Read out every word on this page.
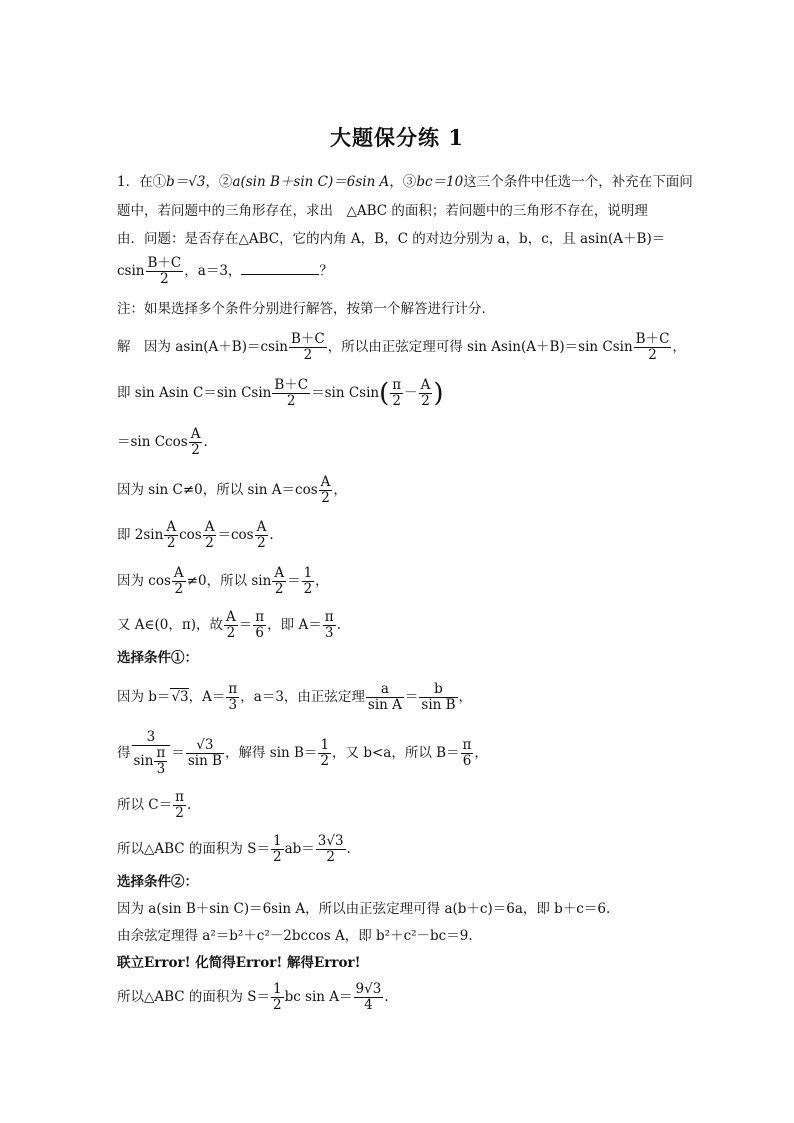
大题保分练 1
1．在①b＝√3，②a(sin B＋sin C)＝6sin A，③bc＝10这三个条件中任选一个，补充在下面问
题中，若问题中的三角形存在，求出　△ABC 的面积；若问题中的三角形不存在，说明理
由．问题：是否存在△ABC，它的内角 A，B，C 的对边分别为 a，b，c，且 asin(A＋B)＝
csin $\frac{B+C}{2}$ ，a＝3，	？
注：如果选择多个条件分别进行解答，按第一个解答进行计分．
解　因为 $asin(A+B)=csin \frac{B+C}{2}$ ，所以由正弦定理可得 sin Asin(A＋B)＝sin Csin $\frac{B+C}{2}$ ，
即 sin Asin C＝sin Csin $\frac{B+C}{2} =\sin$ $Csin( \frac{\pi}{2} - \frac{A}{2}$ )
＝sin Ccos $\frac{A}{2}$ .
因为 sin C≠0，所以 $\sin A=\cos \frac{A}{2}$ ，
即 $2\sin \frac{A}{2}$ $\cos \frac{A}{2} =\cos \frac{A}{2}$ .
因为 $\cos \frac{A}{2} \ne 0$，所以 $\sin \frac{A}{2} = \frac{1}{2}$ ，
又 A∈(0，π)，故 $\frac{A}{2} = \frac{\pi}{6}$ ，即 $A= \frac{\pi}{3}$ .
选择条件①：
因为 b＝√3，$A= \frac{\pi}{3}$ ，a＝3，由正弦定理 $\frac{a}{\text{sin A}} = \frac{b}{\text{sin B}}$ ，
得 $\frac{3}{\sin \frac{\pi}{3}} = \frac{√3}{\text{sin B}}$ ，解得 $\sin B= \frac{1}{2}$ ，又 b<a，所以 $B= \frac{\pi}{6}$ ，
所以 $C= \frac{\pi}{2}$ .
所以△ABC 的面积为 $S= \frac{1}{2} ab= \frac{3√3}{2}$ .
选择条件②：
因为 a(sin B＋sin C)＝6sin A，所以由正弦定理可得 a(b＋c)＝6a，即 b＋c＝6.
由余弦定理得 a²＝b²＋c²－2bccos A，即 b²＋c²－bc＝9.
联立Error! 化简得Error! 解得Error!
所以△ABC 的面积为 $S= \frac{1}{2}$ bc $\sin A= \frac{9√3}{4}$ .
